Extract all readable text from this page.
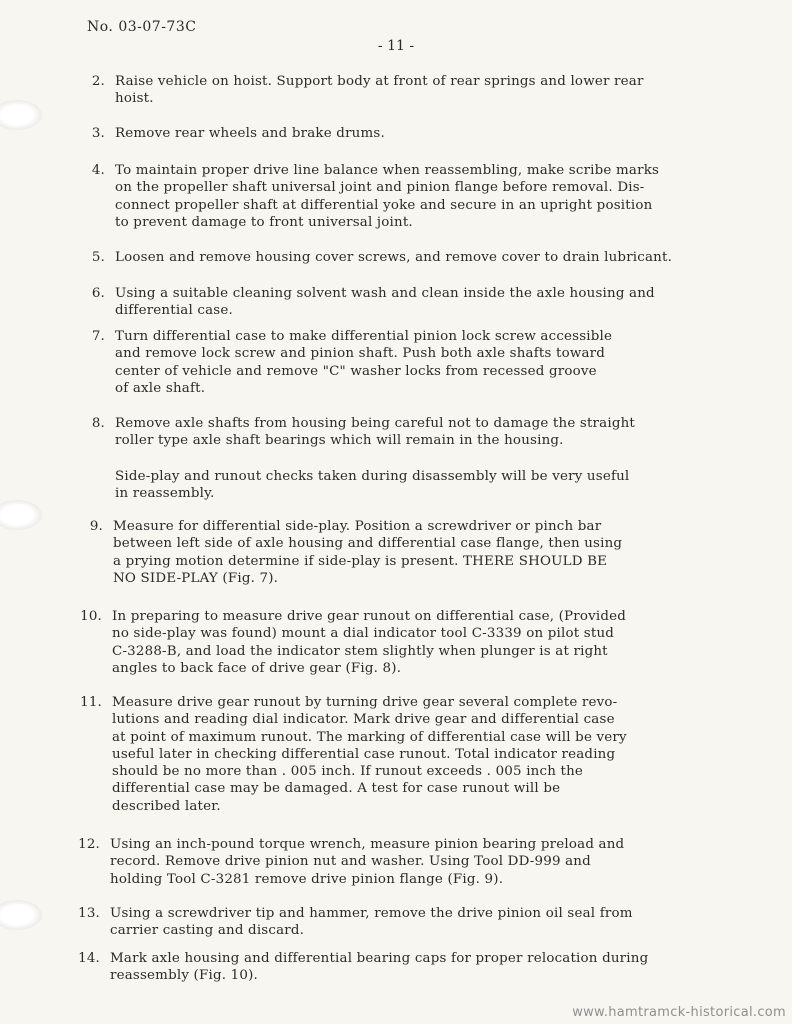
No. 03-07-73C
- 11 -
2. Raise vehicle on hoist. Support body at front of rear springs and lower rear
hoist.
3. Remove rear wheels and brake drums.
4. To maintain proper drive line balance when reassembling, make scribe marks
on the propeller shaft universal joint and pinion flange before removal. Dis-
connect propeller shaft at differential yoke and secure in an upright position
to prevent damage to front universal joint.
5. Loosen and remove housing cover screws, and remove cover to drain lubricant.
6. Using a suitable cleaning solvent wash and clean inside the axle housing and
differential case.
7. Turn differential case to make differential pinion lock screw accessible
and remove lock screw and pinion shaft. Push both axle shafts toward
center of vehicle and remove "C" washer locks from recessed groove
of axle shaft.
8. Remove axle shafts from housing being careful not to damage the straight
roller type axle shaft bearings which will remain in the housing.
Side-play and runout checks taken during disassembly will be very useful
in reassembly.
9. Measure for differential side-play. Position a screwdriver or pinch bar
between left side of axle housing and differential case flange, then using
a prying motion determine if side-play is present. THERE SHOULD BE
NO SIDE-PLAY (Fig. 7).
10. In preparing to measure drive gear runout on differential case, (Provided
no side-play was found) mount a dial indicator tool C-3339 on pilot stud
C-3288-B, and load the indicator stem slightly when plunger is at right
angles to back face of drive gear (Fig. 8).
11. Measure drive gear runout by turning drive gear several complete revo-
lutions and reading dial indicator. Mark drive gear and differential case
at point of maximum runout. The marking of differential case will be very
useful later in checking differential case runout. Total indicator reading
should be no more than . 005 inch. If runout exceeds . 005 inch the
differential case may be damaged. A test for case runout will be
described later.
12. Using an inch-pound torque wrench, measure pinion bearing preload and
record. Remove drive pinion nut and washer. Using Tool DD-999 and
holding Tool C-3281 remove drive pinion flange (Fig. 9).
13. Using a screwdriver tip and hammer, remove the drive pinion oil seal from
carrier casting and discard.
14. Mark axle housing and differential bearing caps for proper relocation during
reassembly (Fig. 10).
www.hamtramck-historical.com
